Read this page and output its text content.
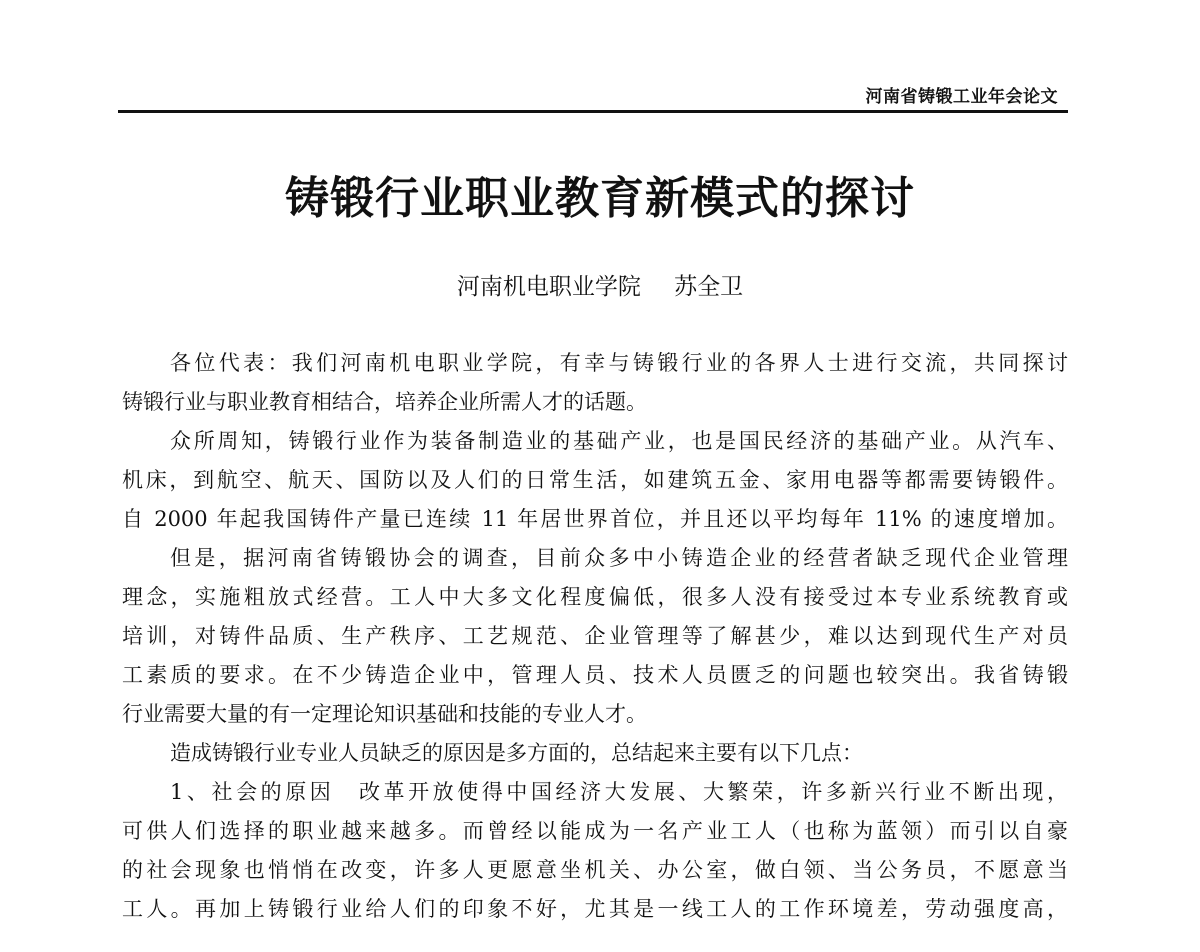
河南省铸锻工业年会论文
铸锻行业职业教育新模式的探讨
河南机电职业学院 苏全卫
各位代表：我们河南机电职业学院，有幸与铸锻行业的各界人士进行交流，共同探讨
铸锻行业与职业教育相结合，培养企业所需人才的话题。
众所周知，铸锻行业作为装备制造业的基础产业，也是国民经济的基础产业。从汽车、
机床，到航空、航天、国防以及人们的日常生活，如建筑五金、家用电器等都需要铸锻件。
自 2000 年起我国铸件产量已连续 11 年居世界首位，并且还以平均每年 11% 的速度增加。
但是，据河南省铸锻协会的调查，目前众多中小铸造企业的经营者缺乏现代企业管理
理念，实施粗放式经营。工人中大多文化程度偏低，很多人没有接受过本专业系统教育或
培训，对铸件品质、生产秩序、工艺规范、企业管理等了解甚少，难以达到现代生产对员
工素质的要求。在不少铸造企业中，管理人员、技术人员匮乏的问题也较突出。我省铸锻
行业需要大量的有一定理论知识基础和技能的专业人才。
造成铸锻行业专业人员缺乏的原因是多方面的，总结起来主要有以下几点：
1、社会的原因　改革开放使得中国经济大发展、大繁荣，许多新兴行业不断出现，
可供人们选择的职业越来越多。而曾经以能成为一名产业工人（也称为蓝领）而引以自豪
的社会现象也悄悄在改变，许多人更愿意坐机关、办公室，做白领、当公务员，不愿意当
工人。再加上铸锻行业给人们的印象不好，尤其是一线工人的工作环境差，劳动强度高，
